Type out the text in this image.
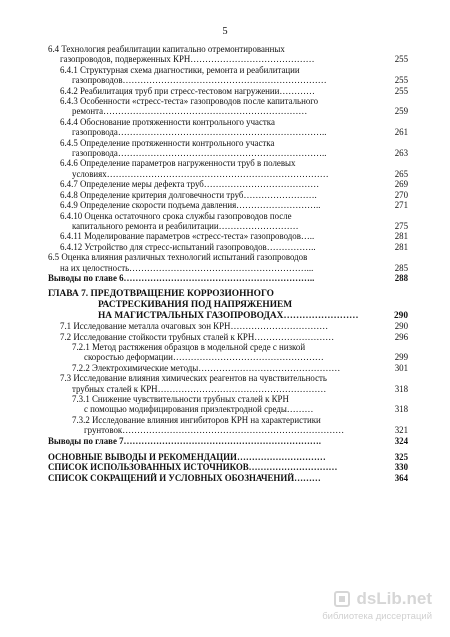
5
6.4 Технология реабилитации капитально отремонтированных
газопроводов, подверженных КРН……………………………………	255
6.4.1 Структурная схема диагностики, ремонта и реабилитации
газопроводов……………………………………………………………	255
6.4.2 Реабилитация труб при стресс-тестовом нагружении…………	255
6.4.3 Особенности «стресс-теста» газопроводов после капитального
ремонта……………………………………………………………	259
6.4.4 Обоснование протяженности контрольного участка
газопровода……………………………………………………………..	261
6.4.5 Определение протяженности контрольного участка
газопровода……………………………………………………………..	263
6.4.6 Определение параметров нагруженности труб в полевых
условиях…………………………………………………………………	265
6.4.7 Определение меры дефекта труб…………………………………	269
6.4.8 Определение критерия долговечности труб…………………….	270
6.4.9 Определение скорости подъема давления………………………..	271
6.4.10 Оценка остаточного срока службы газопроводов после
капитального ремонта и реабилитации………………………	275
6.4.11 Моделирование параметров «стресс-теста» газопроводов…..	281
6.4.12 Устройство для стресс-испытаний газопроводов……………..	281
6.5 Оценка влияния различных технологий испытаний газопроводов
на их целостность……………………………………………………...	285
Выводы по главе 6………………………………………………………..	288
ГЛАВА 7. ПРЕДОТВРАЩЕНИЕ КОРРОЗИОННОГО
РАСТРЕСКИВАНИЯ ПОД НАПРЯЖЕНИЕМ
НА МАГИСТРАЛЬНЫХ ГАЗОПРОВОДАХ……………………	290
7.1 Исследование металла очаговых зон КРН……………………………	290
7.2 Исследование стойкости трубных сталей к КРН………………………	296
7.2.1 Метод растяжения образцов в модельной среде с низкой
скоростью деформации……………………………………………	299
7.2.2 Электрохимические методы…………………………………………	301
7.3 Исследование влияния химических реагентов на чувствительность
трубных сталей к КРН…………………………………………………	318
7.3.1 Снижение чувствительности трубных сталей к КРН
с помощью модифицирования приэлектродной среды………	318
7.3.2 Исследование влияния ингибиторов КРН на характеристики
грунтовок…………………………………………………………………	321
Выводы по главе 7………………………………………………………….	324
ОСНОВНЫЕ ВЫВОДЫ И РЕКОМЕНДАЦИИ…………………………	325
СПИСОК ИСПОЛЬЗОВАННЫХ ИСТОЧНИКОВ…………………………	330
СПИСОК СОКРАЩЕНИЙ И УСЛОВНЫХ ОБОЗНАЧЕНИЙ………	364
dsLib.net
библиотека диссертаций
